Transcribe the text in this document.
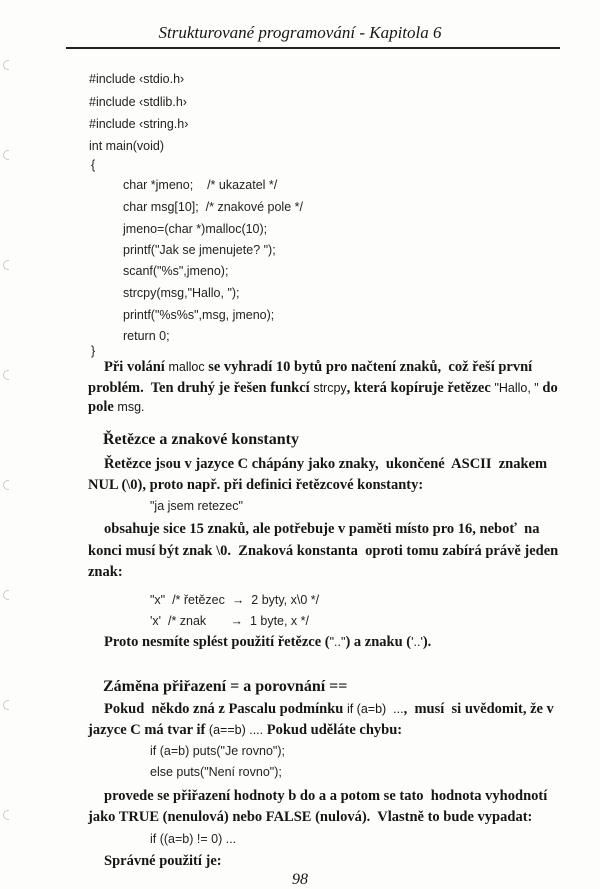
Strukturované programování - Kapitola 6
#include ‹stdio.h›
#include ‹stdlib.h›
#include ‹string.h›
int main(void)
{
char *jmeno;    /* ukazatel */
char msg[10];  /* znakové pole */
jmeno=(char *)malloc(10);
printf("Jak se jmenujete? ");
scanf("%s",jmeno);
strcpy(msg,"Hallo, ");
printf("%s%s",msg, jmeno);
return 0;
}
Při volání malloc se vyhradí 10 bytů pro načtení znaků,  což řeší první
problém.  Ten druhý je řešen funkcí strcpy, která kopíruje řetězec "Hallo, " do
pole msg.
Řetězce a znakové konstanty
Řetězce jsou v jazyce C chápány jako znaky,  ukončené  ASCII  znakem
NUL (\0), proto např. při definici řetězcové konstanty:
"ja jsem retezec"
obsahuje sice 15 znaků, ale potřebuje v paměti místo pro 16, neboť  na
konci musí být znak \0.  Znaková konstanta  oproti tomu zabírá právě jeden
znak:
"x"  /* řetězec  →  2 byty, x\0 */
'x'  /* znak       →  1 byte, x */
Proto nesmíte splést použití řetězce ("..") a znaku ('..').
Záměna přiřazení = a porovnání ==
Pokud  někdo zná z Pascalu podmínku if (a=b)  ...,  musí  si uvědomit, že v
jazyce C má tvar if (a==b) .... Pokud uděláte chybu:
if (a=b) puts("Je rovno");
else puts("Není rovno");
provede se přiřazení hodnoty b do a a potom se tato  hodnota vyhodnotí
jako TRUE (nenulová) nebo FALSE (nulová).  Vlastně to bude vypadat:
if ((a=b) != 0) ...
Správné použití je:
98
